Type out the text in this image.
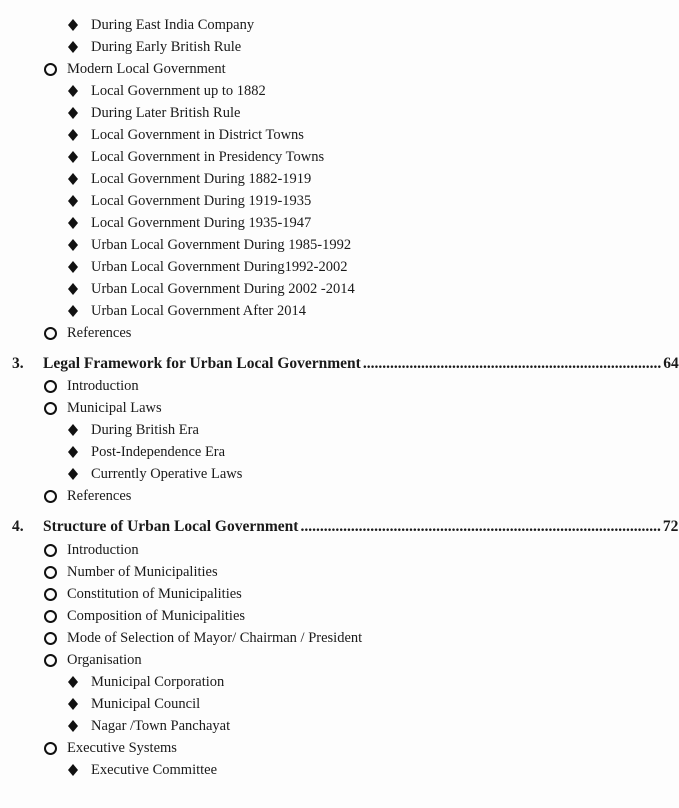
During East India Company
During Early British Rule
Modern Local Government
Local Government up to 1882
During Later British Rule
Local Government in District Towns
Local Government in Presidency Towns
Local Government During 1882-1919
Local Government During 1919-1935
Local Government During 1935-1947
Urban Local Government During 1985-1992
Urban Local Government During1992-2002
Urban Local Government During 2002 -2014
Urban Local Government After 2014
References
3. Legal Framework for Urban Local Government ............................................................................. 64
Introduction
Municipal Laws
During British Era
Post-Independence Era
Currently Operative Laws
References
4. Structure of Urban Local Government ............................................................................................. 72
Introduction
Number of Municipalities
Constitution of Municipalities
Composition of Municipalities
Mode of Selection of Mayor/ Chairman / President
Organisation
Municipal Corporation
Municipal Council
Nagar /Town Panchayat
Executive Systems
Executive Committee
